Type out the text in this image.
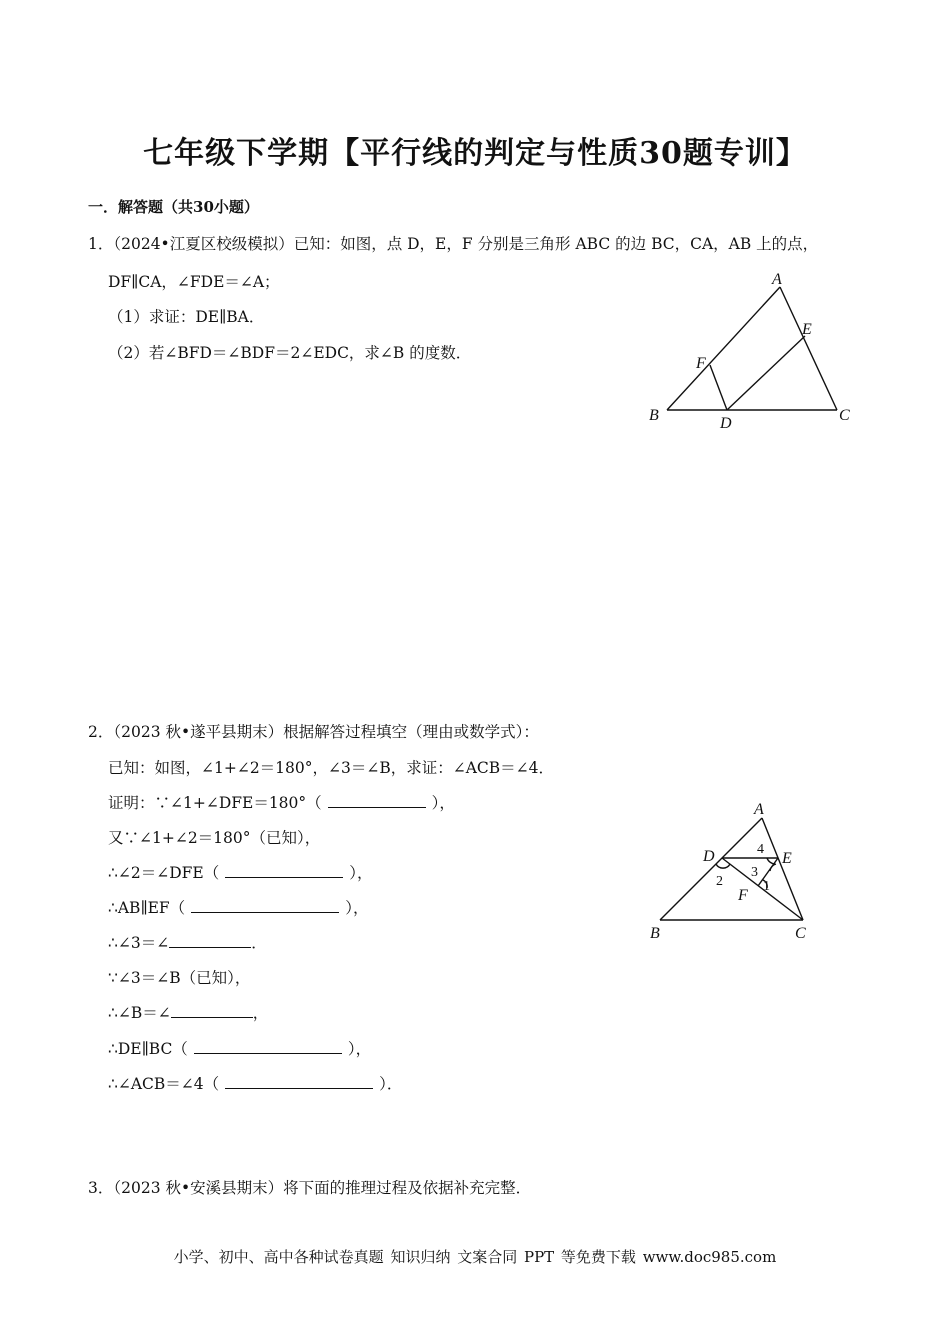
七年级下学期【平行线的判定与性质30题专训】
一．解答题（共30小题）
1．（2024•江夏区校级模拟）已知：如图，点 D，E，F 分别是三角形 ABC 的边 BC，CA，AB 上的点，
DF∥CA，∠FDE＝∠A；
（1）求证：DE∥BA．
（2）若∠BFD＝∠BDF＝2∠EDC，求∠B 的度数．
A
B	C
D
E
F
2．（2023 秋•遂平县期末）根据解答过程填空（理由或数学式）：
已知：如图，∠1+∠2＝180°，∠3＝∠B，求证：∠ACB＝∠4．
证明：∵∠1+∠DFE＝180°（	），
又∵∠1+∠2＝180°（已知），
∴∠2＝∠DFE（	），
∴AB∥EF（	），
∴∠3＝∠	．
∵∠3＝∠B（已知），
∴∠B＝∠	，
∴DE∥BC（	），
∴∠ACB＝∠4（	）．
A
B	C
D	E
F
1
2
3
4
3．（2023 秋•安溪县期末）将下面的推理过程及依据补充完整．
小学、初中、高中各种试卷真题 知识归纳 文案合同 PPT 等免费下载 www.doc985.com
